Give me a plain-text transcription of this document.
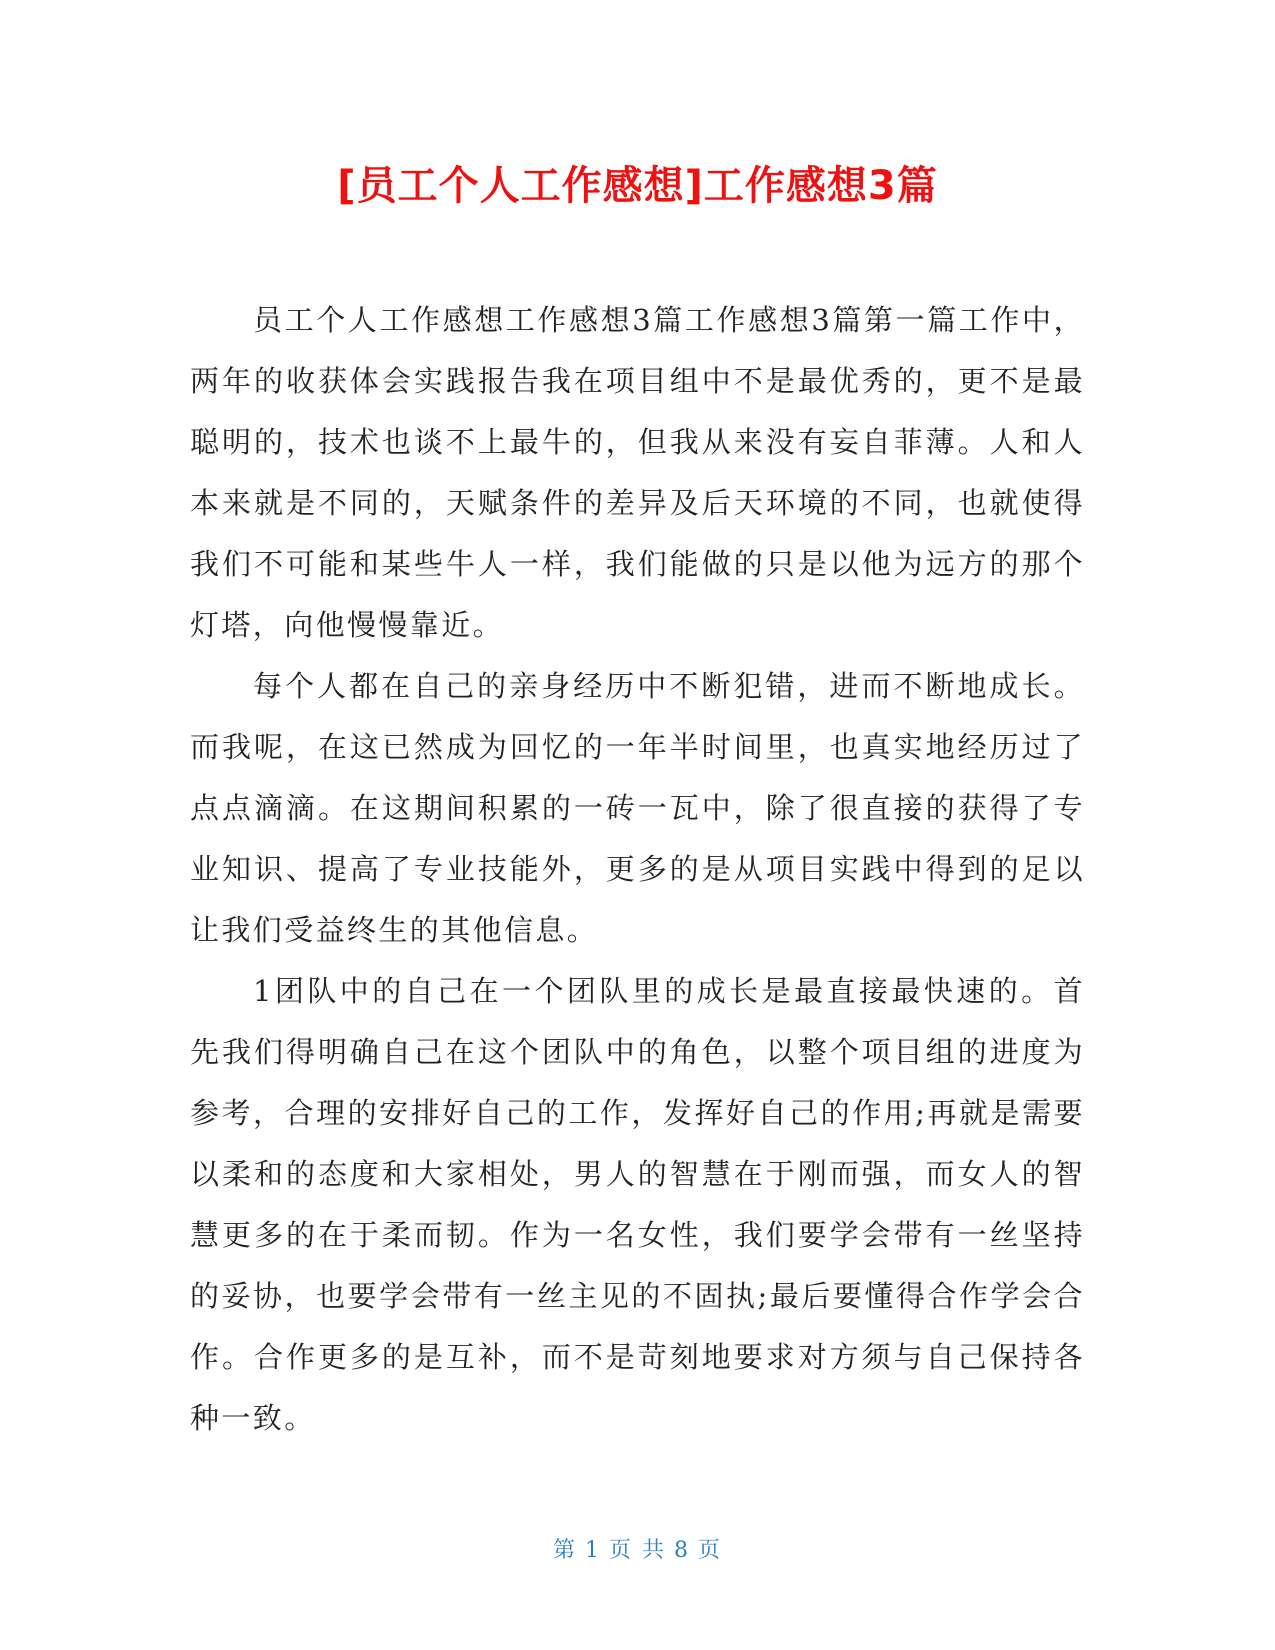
[员工个人工作感想]工作感想3篇

员工个人工作感想工作感想3篇工作感想3篇第一篇工作中，两年的收获体会实践报告我在项目组中不是最优秀的，更不是最聪明的，技术也谈不上最牛的，但我从来没有妄自菲薄。人和人本来就是不同的，天赋条件的差异及后天环境的不同，也就使得我们不可能和某些牛人一样，我们能做的只是以他为远方的那个灯塔，向他慢慢靠近。

每个人都在自己的亲身经历中不断犯错，进而不断地成长。而我呢，在这已然成为回忆的一年半时间里，也真实地经历过了点点滴滴。在这期间积累的一砖一瓦中，除了很直接的获得了专业知识、提高了专业技能外，更多的是从项目实践中得到的足以让我们受益终生的其他信息。

1团队中的自己在一个团队里的成长是最直接最快速的。首先我们得明确自己在这个团队中的角色，以整个项目组的进度为参考，合理的安排好自己的工作，发挥好自己的作用;再就是需要以柔和的态度和大家相处，男人的智慧在于刚而强，而女人的智慧更多的在于柔而韧。作为一名女性，我们要学会带有一丝坚持的妥协，也要学会带有一丝主见的不固执;最后要懂得合作学会合作。合作更多的是互补，而不是苛刻地要求对方须与自己保持各种一致。

第 1 页 共 8 页
